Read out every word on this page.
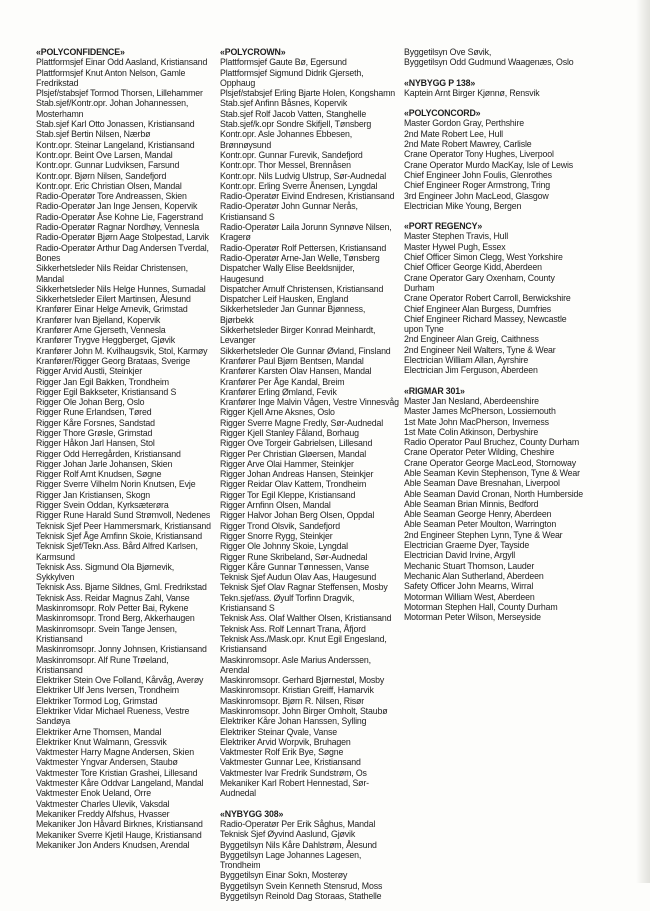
«POLYCONFIDENCE»
Plattformsjef Einar Odd Aasland, Kristiansand
Plattformsjef Knut Anton Nelson, Gamle
Fredrikstad
Plsjef/stabsjef Tormod Thorsen, Lillehammer
Stab.sjef/Kontr.opr. Johan Johannessen,
Mosterhamn
Stab.sjef Karl Otto Jonassen, Kristiansand
Stab.sjef Bertin Nilsen, Nærbø
Kontr.opr. Steinar Langeland, Kristiansand
Kontr.opr. Beint Ove Larsen, Mandal
Kontr.opr. Gunnar Ludviksen, Farsund
Kontr.opr. Bjørn Nilsen, Sandefjord
Kontr.opr. Eric Christian Olsen, Mandal
Radio-Operatør Tore Andreassen, Skien
Radio-Operatør Jan Inge Jensen, Kopervik
Radio-Operatør Åse Kohne Lie, Fagerstrand
Radio-Operatør Ragnar Nordhøy, Vennesla
Radio-Operatør Bjørn Aage Stolpestad, Larvik
Radio-Operatør Arthur Dag Andersen Tverdal,
Bones
Sikkerhetsleder Nils Reidar Christensen, Mandal
Sikkerhetsleder Nils Helge Hunnes, Surnadal
Sikkerhetsleder Eilert Martinsen, Ålesund
Kranfører Einar Helge Arnevik, Grimstad
Kranfører Ivan Bjelland, Kopervik
Kranfører Arne Gjerseth, Vennesla
Kranfører Trygve Heggberget, Gjøvik
Kranfører John M. Kvilhaugsvik, Stol, Karmøy
Kranfører/Rigger Georg Brataas, Sverige
Rigger Arvid Austli, Steinkjer
Rigger Jan Egil Bakken, Trondheim
Rigger Egil Bakkseter, Kristiansand S
Rigger Ole Johan Berg, Oslo
Rigger Rune Erlandsen, Tøred
Rigger Kåre Forsnes, Sandstad
Rigger Thore Grøsle, Grimstad
Rigger Håkon Jarl Hansen, Stol
Rigger Odd Herregården, Kristiansand
Rigger Johan Jarle Johansen, Skien
Rigger Rolf Arnt Knudsen, Søgne
Rigger Sverre Vilhelm Norin Knutsen, Evje
Rigger Jan Kristiansen, Skogn
Rigger Svein Oddan, Kyrksæterøra
Rigger Rune Harald Sund Strømvoll, Nedenes
Teknisk Sjef Peer Hammersmark, Kristiansand
Teknisk Sjef Åge Arnfinn Skoie, Kristiansand
Teknisk Sjef/Tekn.Ass. Bård Alfred Karlsen,
Karmsund
Teknisk Ass. Sigmund Ola Bjørnevik, Sykkylven
Teknisk Ass. Bjarne Sildnes, Gml. Fredrikstad
Teknisk Ass. Reidar Magnus Zahl, Vanse
Maskinromsopr. Rolv Petter Bai, Rykene
Maskinromsopr. Trond Berg, Akkerhaugen
Maskinromsopr. Svein Tange Jensen,
Kristiansand
Maskinromsopr. Jonny Johnsen, Kristiansand
Maskinromsopr. Alf Rune Trøeland, Kristiansand
Elektriker Stein Ove Folland, Kårvåg, Averøy
Elektriker Ulf Jens Iversen, Trondheim
Elektriker Tormod Log, Grimstad
Elektriker Vidar Michael Rueness, Vestre
Sandøya
Elektriker Arne Thomsen, Mandal
Elektriker Knut Walmann, Gressvik
Vaktmester Harry Magne Andersen, Skien
Vaktmester Yngvar Andersen, Staubø
Vaktmester Tore Kristian Grashei, Lillesand
Vaktmester Kåre Oddvar Langeland, Mandal
Vaktmester Enok Ueland, Orre
Vaktmester Charles Ulevik, Vaksdal
Mekaniker Freddy Alfshus, Hvasser
Mekaniker Jon Håvard Birknes, Kristiansand
Mekaniker Sverre Kjetil Hauge, Kristiansand
Mekaniker Jon Anders Knudsen, Arendal
«POLYCROWN»
Plattformsjef Gaute Bø, Egersund
Plattformsjef Sigmund Didrik Gjerseth, Opphaug
Plsjef/stabsjef Erling Bjarte Holen, Kongshamn
Stab.sjef Anfinn Båsnes, Kopervik
Stab.sjef Rolf Jacob Vatten, Stanghelle
Stab.sjef/k.opr Sondre Skifjell, Tønsberg
Kontr.opr. Asle Johannes Ebbesen, Brønnøysund
Kontr.opr. Gunnar Furevik, Sandefjord
Kontr.opr. Thor Messel, Brennåsen
Kontr.opr. Nils Ludvig Ulstrup, Sør-Audnedal
Kontr.opr. Erling Sverre Ånensen, Lyngdal
Radio-Operatør Eivind Endresen, Kristiansand
Radio-Operatør John Gunnar Nerås, Kristiansand S
Radio-Operatør Laila Jorunn Synnøve Nilsen,
Kragerø
Radio-Operatør Rolf Pettersen, Kristiansand
Radio-Operatør Arne-Jan Welle, Tønsberg
Dispatcher Wally Elise Beeldsnijder, Haugesund
Dispatcher Arnulf Christensen, Kristiansand
Dispatcher Leif Hausken, England
Sikkerhetsleder Jan Gunnar Bjønness, Bjørbekk
Sikkerhetsleder Birger Konrad Meinhardt,
Levanger
Sikkerhetsleder Ole Gunnar Øvland, Finsland
Kranfører Paul Bjørn Bentsen, Mandal
Kranfører Karsten Olav Hansen, Mandal
Kranfører Per Åge Kandal, Breim
Kranfører Erling Ømland, Fevik
Kranfører Inge Malvin Vågen, Vestre Vinnesvåg
Rigger Kjell Arne Aksnes, Oslo
Rigger Sverre Magne Fredly, Sør-Audnedal
Rigger Kjell Stanley Fåland, Borhaug
Rigger Ove Torgeir Gabrielsen, Lillesand
Rigger Per Christian Gløersen, Mandal
Rigger Arve Olai Hammer, Steinkjer
Rigger Johan Andreas Hansen, Steinkjer
Rigger Reidar Olav Kattem, Trondheim
Rigger Tor Egil Kleppe, Kristiansand
Rigger Arnfinn Olsen, Mandal
Rigger Halvor Johan Berg Olsen, Oppdal
Rigger Trond Olsvik, Sandefjord
Rigger Snorre Rygg, Steinkjer
Rigger Ole Johnny Skoie, Lyngdal
Rigger Rune Skribeland, Sør-Audnedal
Rigger Kåre Gunnar Tønnessen, Vanse
Teknisk Sjef Audun Olav Aas, Haugesund
Teknisk Sjef Olav Ragnar Steffensen, Mosby
Tekn.sjef/ass. Øyulf Torfinn Dragvik, Kristiansand S
Teknisk Ass. Olaf Walther Olsen, Kristiansand
Teknisk Ass. Rolf Lennart Trana, Åfjord
Teknisk Ass./Mask.opr. Knut Egil Engesland,
Kristiansand
Maskinromsopr. Asle Marius Anderssen, Arendal
Maskinromsopr. Gerhard Bjørnestøl, Mosby
Maskinromsopr. Kristian Greiff, Hamarvik
Maskinromsopr. Bjørn R. Nilsen, Risør
Maskinromsopr. John Birger Omholt, Staubø
Elektriker Kåre Johan Hanssen, Sylling
Elektriker Steinar Qvale, Vanse
Elektriker Arvid Worpvik, Bruhagen
Vaktmester Rolf Erik Bye, Søgne
Vaktmester Gunnar Lee, Kristiansand
Vaktmester Ivar Fredrik Sundstrøm, Os
Mekaniker Karl Robert Hennestad, Sør-Audnedal
«NYBYGG 308»
Radio-Operatør Per Erik Såghus, Mandal
Teknisk Sjef Øyvind Aaslund, Gjøvik
Byggetilsyn Nils Kåre Dahlstrøm, Ålesund
Byggetilsyn Lage Johannes Lagesen, Trondheim
Byggetilsyn Einar Sokn, Mosterøy
Byggetilsyn Svein Kenneth Stensrud, Moss
Byggetilsyn Reinold Dag Storaas, Stathelle
Byggetilsyn Ove Søvik,
Byggetilsyn Odd Gudmund Waagenæs, Oslo
«NYBYGG P 138»
Kaptein Arnt Birger Kjønnø, Rensvik
«POLYCONCORD»
Master Gordon Gray, Perthshire
2nd Mate Robert Lee, Hull
2nd Mate Robert Mawrey, Carlisle
Crane Operator Tony Hughes, Liverpool
Crane Operator Murdo MacKay, Isle of Lewis
Chief Engineer John Foulis, Glenrothes
Chief Engineer Roger Armstrong, Tring
3rd Engineer John MacLeod, Glasgow
Electrician Mike Young, Bergen
«PORT REGENCY»
Master Stephen Travis, Hull
Master Hywel Pugh, Essex
Chief Officer Simon Clegg, West Yorkshire
Chief Officer George Kidd, Aberdeen
Crane Operator Gary Oxenham, County
Durham
Crane Operator Robert Carroll, Berwickshire
Chief Engineer Alan Burgess, Dumfries
Chief Engineer Richard Massey, Newcastle
upon Tyne
2nd Engineer Alan Greig, Caithness
2nd Engineer Neil Walters, Tyne & Wear
Electrician William Allan, Ayrshire
Electrician Jim Ferguson, Aberdeen
«RIGMAR 301»
Master Jan Nesland, Aberdeenshire
Master James McPherson, Lossiemouth
1st Mate John MacPherson, Inverness
1st Mate Colin Atkinson, Derbyshire
Radio Operator Paul Bruchez, County Durham
Crane Operator Peter Wilding, Cheshire
Crane Operator George MacLeod, Stornoway
Able Seaman Kevin Stephenson, Tyne & Wear
Able Seaman Dave Bresnahan, Liverpool
Able Seaman David Cronan, North Humberside
Able Seaman Brian Minnis, Bedford
Able Seaman George Henry, Aberdeen
Able Seaman Peter Moulton, Warrington
2nd Engineer Stephen Lynn, Tyne & Wear
Electrician Graeme Dyer, Tayside
Electrician David Irvine, Argyll
Mechanic Stuart Thomson, Lauder
Mechanic Alan Sutherland, Aberdeen
Safety Officer John Mearns, Wirral
Motorman William West, Aberdeen
Motorman Stephen Hall, County Durham
Motorman Peter Wilson, Merseyside
